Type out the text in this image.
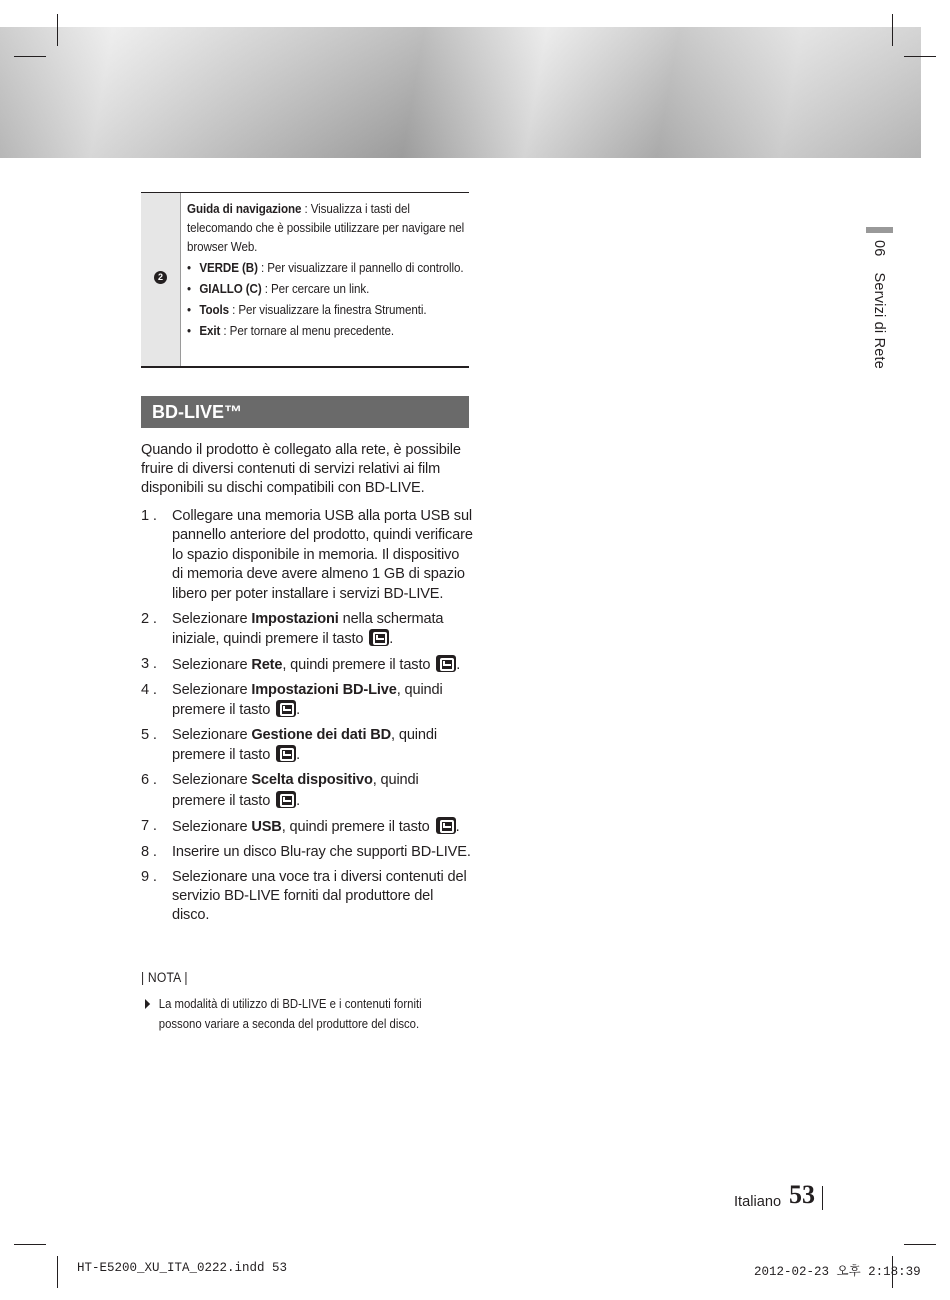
2
Guida di navigazione : Visualizza i tasti del telecomando che è possibile utilizzare per navigare nel browser Web.
• VERDE (B) : Per visualizzare il pannello di controllo.
• GIALLO (C) : Per cercare un link.
• Tools : Per visualizzare la finestra Strumenti.
• Exit : Per tornare al menu precedente.
BD-LIVE™

Quando il prodotto è collegato alla rete, è possibile fruire di diversi contenuti di servizi relativi ai film disponibili su dischi compatibili con BD-LIVE.

1 . Collegare una memoria USB alla porta USB sul pannello anteriore del prodotto, quindi verificare lo spazio disponibile in memoria. Il dispositivo di memoria deve avere almeno 1 GB di spazio libero per poter installare i servizi BD-LIVE.
2 . Selezionare Impostazioni nella schermata iniziale, quindi premere il tasto .
3 . Selezionare Rete, quindi premere il tasto .
4 . Selezionare Impostazioni BD-Live, quindi premere il tasto .
5 . Selezionare Gestione dei dati BD, quindi premere il tasto .
6 . Selezionare Scelta dispositivo, quindi premere il tasto .
7 . Selezionare USB, quindi premere il tasto .
8 . Inserire un disco Blu-ray che supporti BD-LIVE.
9 . Selezionare una voce tra i diversi contenuti del servizio BD-LIVE forniti dal produttore del disco.
| NOTA |
La modalità di utilizzo di BD-LIVE e i contenuti forniti possono variare a seconda del produttore del disco.
06Servizi di Rete
Italiano 53
HT-E5200_XU_ITA_0222.indd 53	2012-02-23 오후 2:18:39
